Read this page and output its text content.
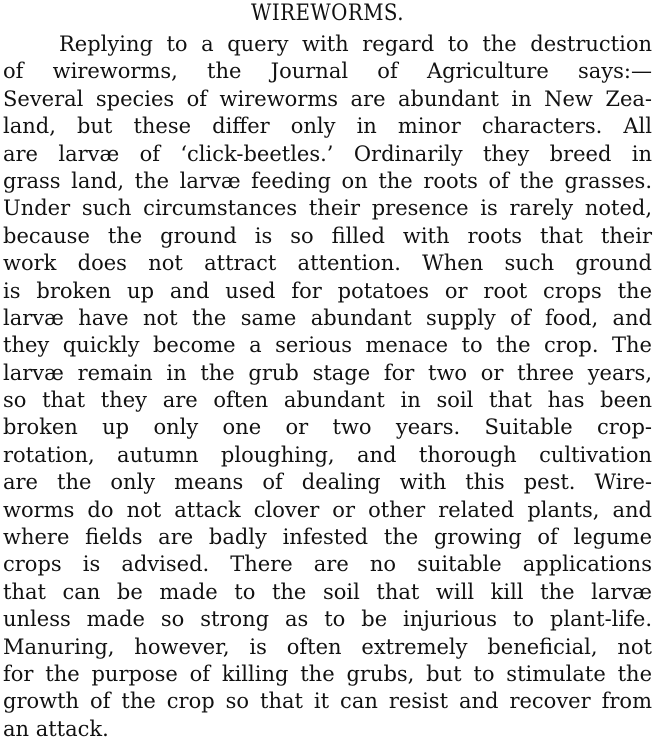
WIREWORMS.
Replying to a query with regard to the destruction
of wireworms, the Journal of Agriculture says:—
Several species of wireworms are abundant in New Zea-
land, but these differ only in minor characters. All
are larvæ of ‘click-beetles.’ Ordinarily they breed in
grass land, the larvæ feeding on the roots of the grasses.
Under such circumstances their presence is rarely noted,
because the ground is so filled with roots that their
work does not attract attention. When such ground
is broken up and used for potatoes or root crops the
larvæ have not the same abundant supply of food, and
they quickly become a serious menace to the crop. The
larvæ remain in the grub stage for two or three years,
so that they are often abundant in soil that has been
broken up only one or two years. Suitable crop-
rotation, autumn ploughing, and thorough cultivation
are the only means of dealing with this pest. Wire-
worms do not attack clover or other related plants, and
where fields are badly infested the growing of legume
crops is advised. There are no suitable applications
that can be made to the soil that will kill the larvæ
unless made so strong as to be injurious to plant-life.
Manuring, however, is often extremely beneficial, not
for the purpose of killing the grubs, but to stimulate the
growth of the crop so that it can resist and recover from
an attack.
